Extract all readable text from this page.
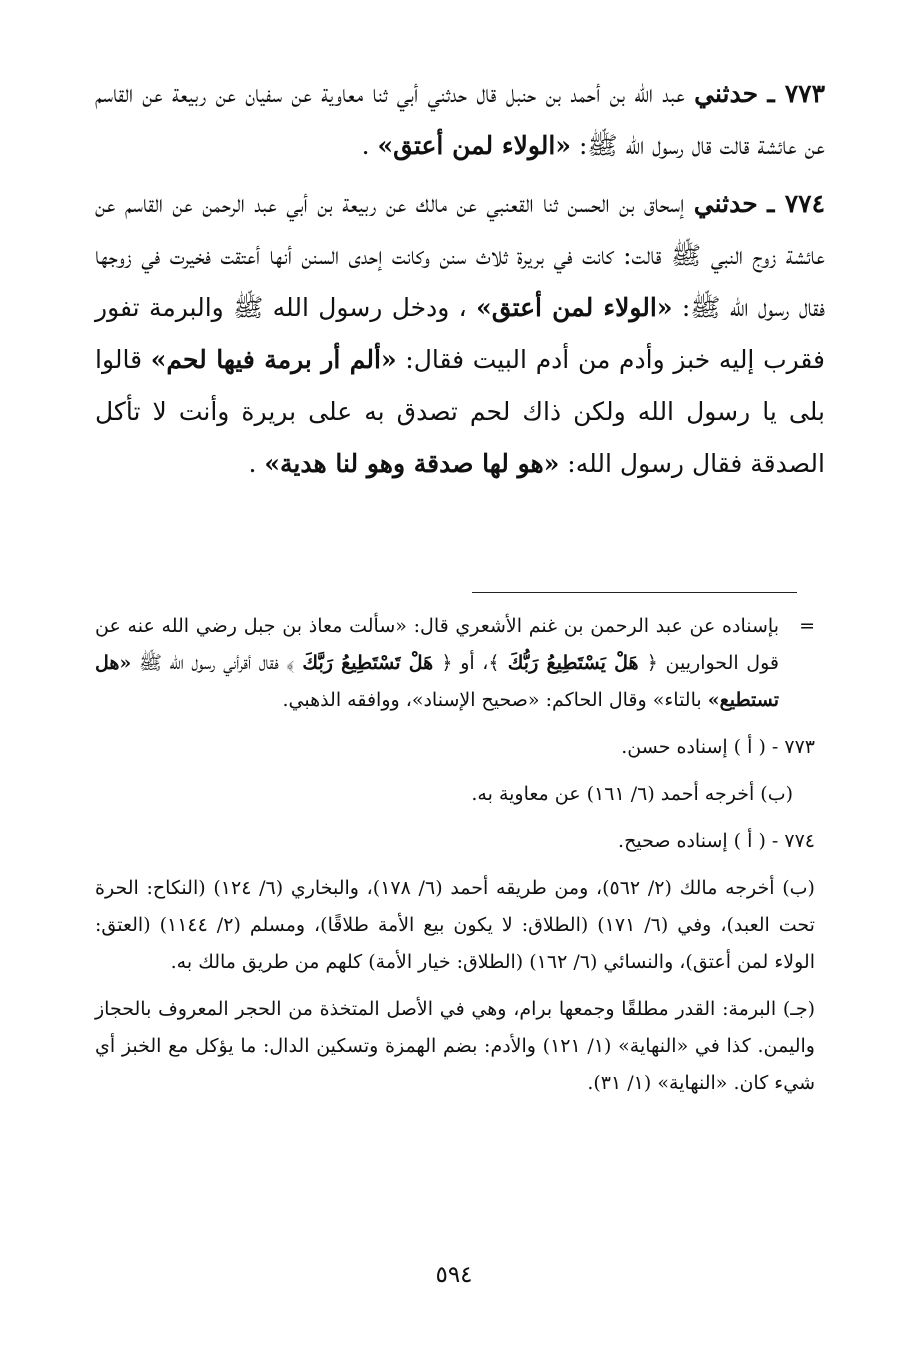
٧٧٣ ـ حدثني عبد الله بن أحمد بن حنبل قال حدثني أبي ثنا معاوية عن سفيان عن ربيعة عن القاسم عن عائشة قالت قال رسول الله ﷺ: «الولاء لمن أعتق» .

٧٧٤ ـ حدثني إسحاق بن الحسن ثنا القعنبي عن مالك عن ربيعة بن أبي عبد الرحمن عن القاسم عن عائشة زوج النبي ﷺ قالت: كانت في بريرة ثلاث سنن وكانت إحدى السنن أنها أعتقت فخيرت في زوجها فقال رسول الله ﷺ: «الولاء لمن أعتق» ، ودخل رسول الله ﷺ والبرمة تفور فقرب إليه خبز وأدم من أدم البيت فقال: «ألم أر برمة فيها لحم» قالوا بلى يا رسول الله ولكن ذاك لحم تصدق به على بريرة وأنت لا تأكل الصدقة فقال رسول الله: «هو لها صدقة وهو لنا هدية» .

=
بإسناده عن عبد الرحمن بن غنم الأشعري قال: «سألت معاذ بن جبل رضي الله عنه عن قول الحواريين ﴿ هَلْ يَسْتَطِيعُ رَبُّكَ ﴾، أو ﴿ هَلْ تَسْتَطِيعُ رَبَّكَ ﴾ فقال أقرأني رسول الله ﷺ «هل تستطيع» بالتاء» وقال الحاكم: «صحيح الإسناد»، ووافقه الذهبي.

٧٧٣ - ( أ ) إسناده حسن.

(ب) أخرجه أحمد (٦/ ١٦١) عن معاوية به.

٧٧٤ - ( أ ) إسناده صحيح.

(ب) أخرجه مالك (٢/ ٥٦٢)، ومن طريقه أحمد (٦/ ١٧٨)، والبخاري (٦/ ١٢٤) (النكاح: الحرة تحت العبد)، وفي (٦/ ١٧١) (الطلاق: لا يكون بيع الأمة طلاقًا)، ومسلم (٢/ ١١٤٤) (العتق: الولاء لمن أعتق)، والنسائي (٦/ ١٦٢) (الطلاق: خيار الأمة) كلهم من طريق مالك به.

(جـ) البرمة: القدر مطلقًا وجمعها برام، وهي في الأصل المتخذة من الحجر المعروف بالحجاز واليمن. كذا في «النهاية» (١/ ١٢١) والأدم: بضم الهمزة وتسكين الدال: ما يؤكل مع الخبز أي شيء كان. «النهاية» (١/ ٣١).

٥٩٤
